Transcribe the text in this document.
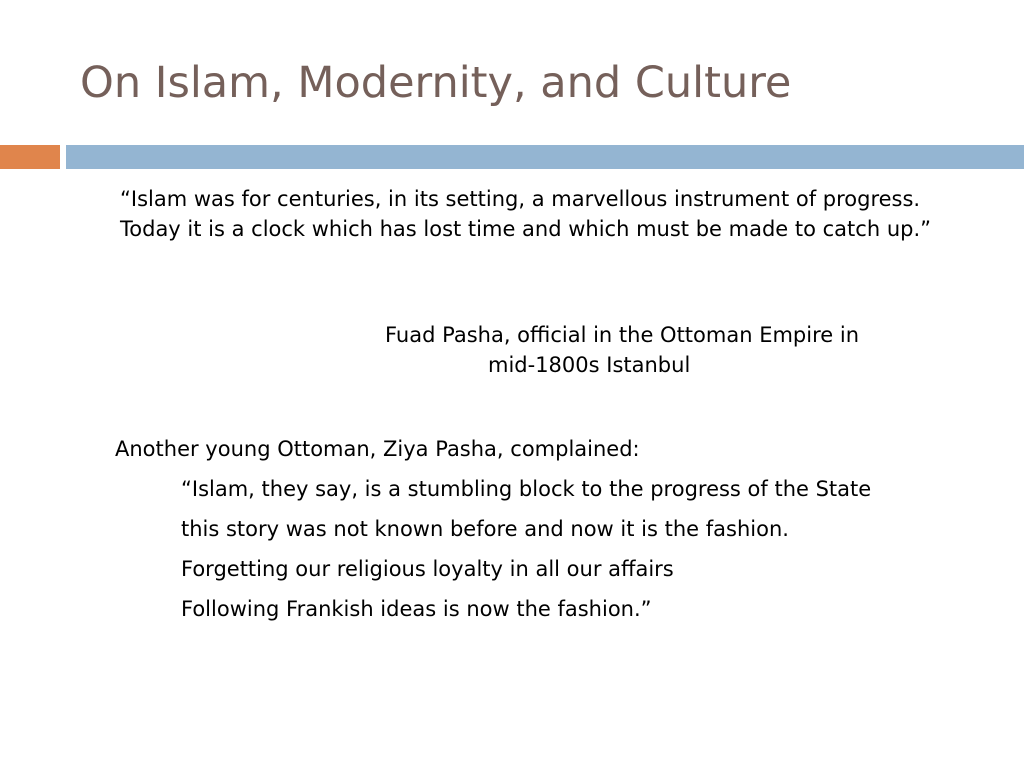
On Islam, Modernity, and Culture

“Islam was for centuries, in its setting, a marvellous instrument of progress. Today it is a clock which has lost time and which must be made to catch up.”

Fuad Pasha, official in the Ottoman Empire in
mid-1800s Istanbul

Another young Ottoman, Ziya Pasha, complained:

“Islam, they say, is a stumbling block to the progress of the State
this story was not known before and now it is the fashion.
Forgetting our religious loyalty in all our affairs
Following Frankish ideas is now the fashion.”
